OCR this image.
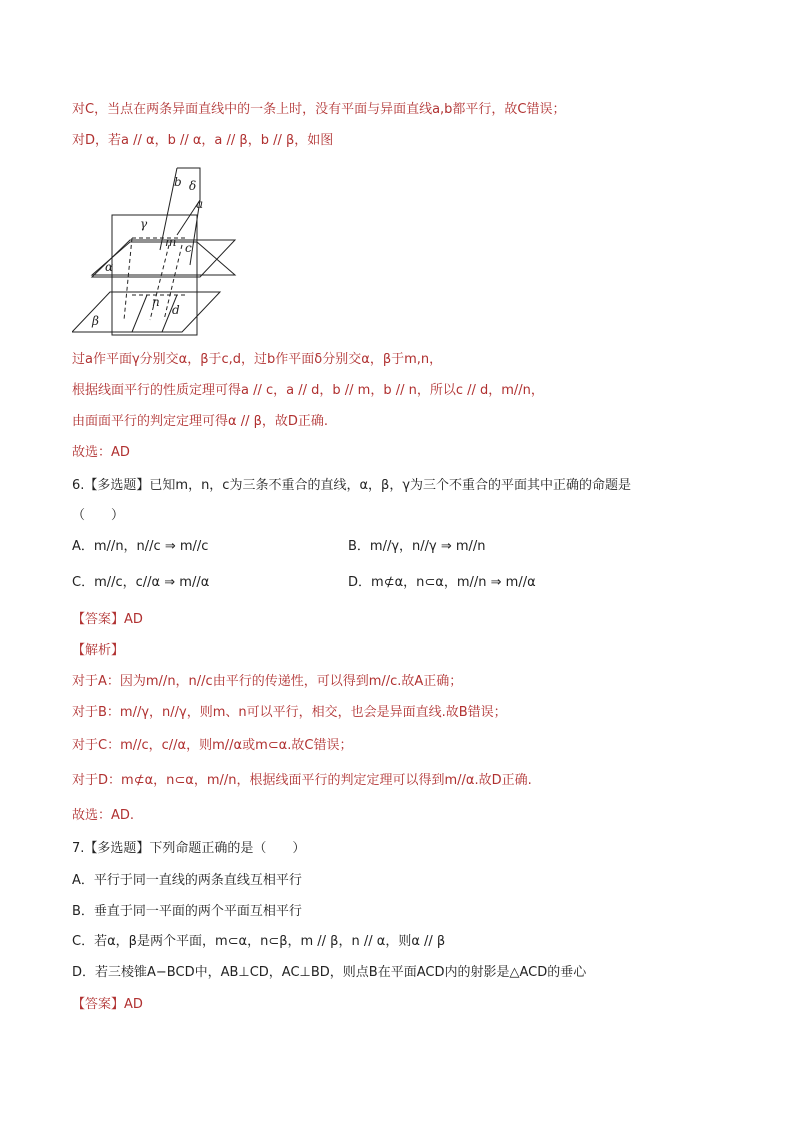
对C，当点在两条异面直线中的一条上时，没有平面与异面直线a,b都平行，故C错误；
对D，若a // α，b // α，a // β，b // β，如图
b δ
a
γ
m c
α
n
d
β
过a作平面γ分别交α，β于c,d，过b作平面δ分别交α，β于m,n，
根据线面平行的性质定理可得a // c，a // d，b // m，b // n，所以c // d，m//n，
由面面平行的判定定理可得α // β，故D正确.
故选：AD
6.【多选题】已知m，n，c为三条不重合的直线，α，β，γ为三个不重合的平面其中正确的命题是
（　　）
A．m//n，n//c ⇒ m//c	B．m//γ，n//γ ⇒ m//n
C．m//c，c//α ⇒ m//α	D．m⊄α，n⊂α，m//n ⇒ m//α
【答案】AD
【解析】
对于A：因为m//n，n//c由平行的传递性，可以得到m//c.故A正确；
对于B：m//γ，n//γ，则m、n可以平行，相交，也会是异面直线.故B错误；
对于C：m//c，c//α，则m//α或m⊂α.故C错误；
对于D：m⊄α，n⊂α，m//n，根据线面平行的判定定理可以得到m//α.故D正确.
故选：AD.
7.【多选题】下列命题正确的是（　　）
A．平行于同一直线的两条直线互相平行
B．垂直于同一平面的两个平面互相平行
C．若α，β是两个平面，m⊂α，n⊂β，m // β，n // α，则α // β
D．若三棱锥A−BCD中，AB⊥CD，AC⊥BD，则点B在平面ACD内的射影是△ACD的垂心
【答案】AD
